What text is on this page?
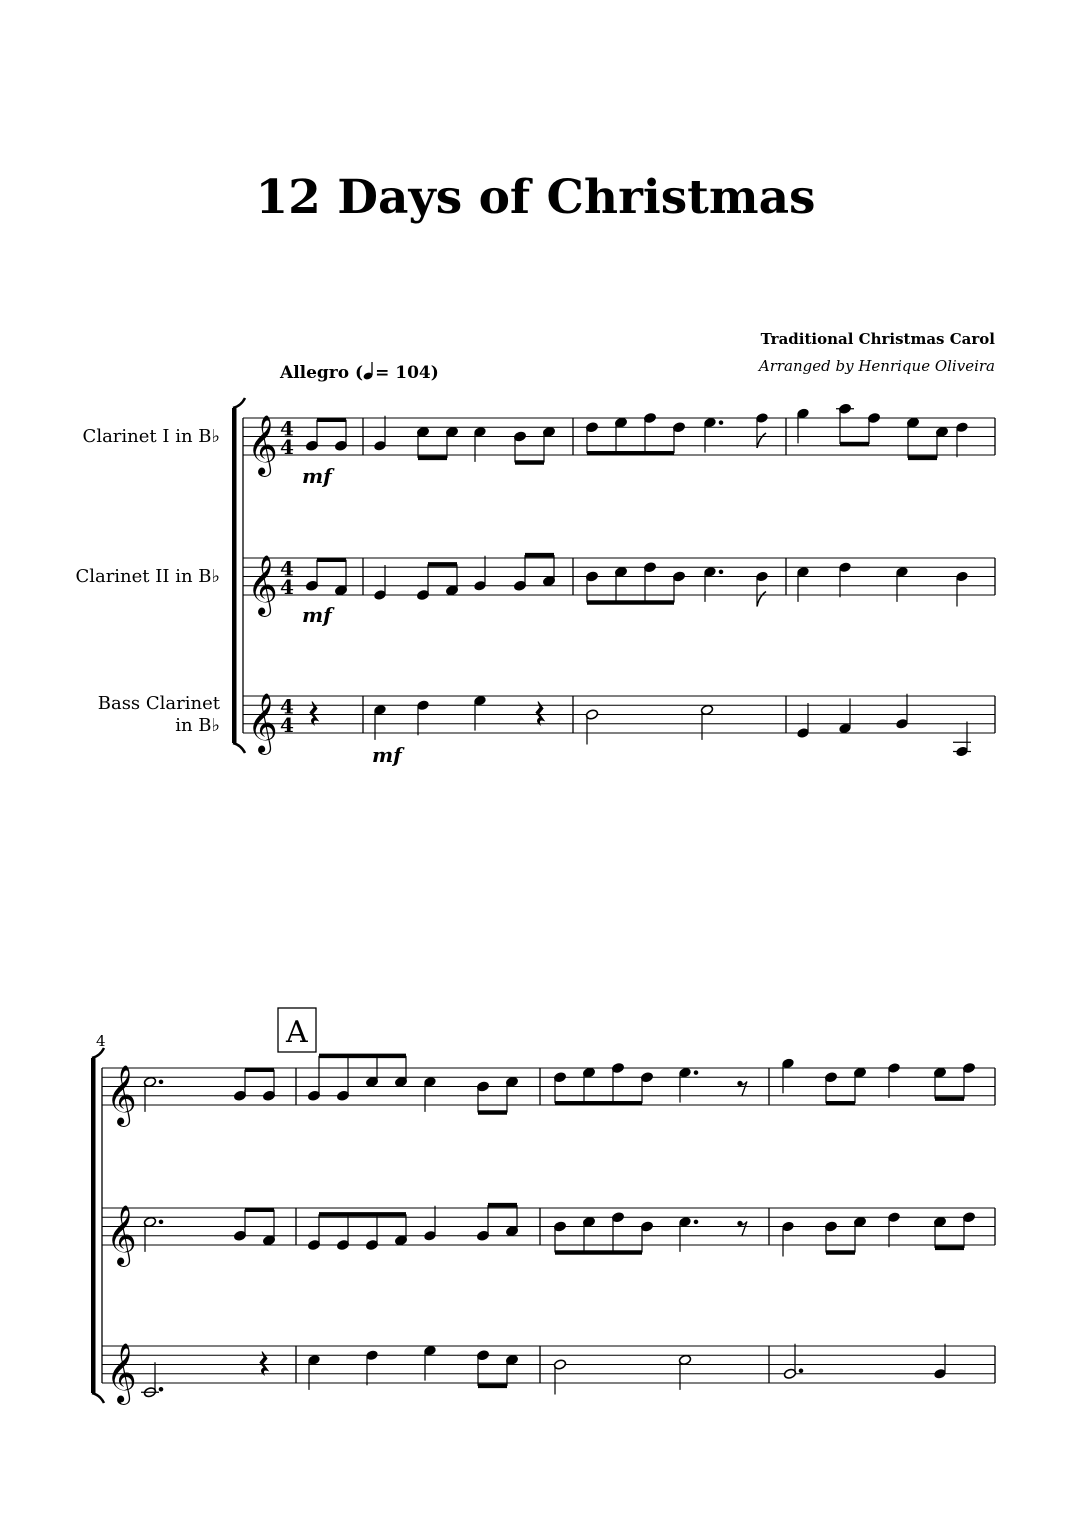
12 Days of Christmas
Traditional Christmas Carol
Arranged by Henrique Oliveira
Allegro ( = 104)
Clarinet I in B♭
Clarinet II in B♭
Bass Clarinet
in B♭
𝄞 4
4
𝄞 4
4
𝄞 4
4
𝄞
𝄞
𝄞
mf
mf
mf
4	A
